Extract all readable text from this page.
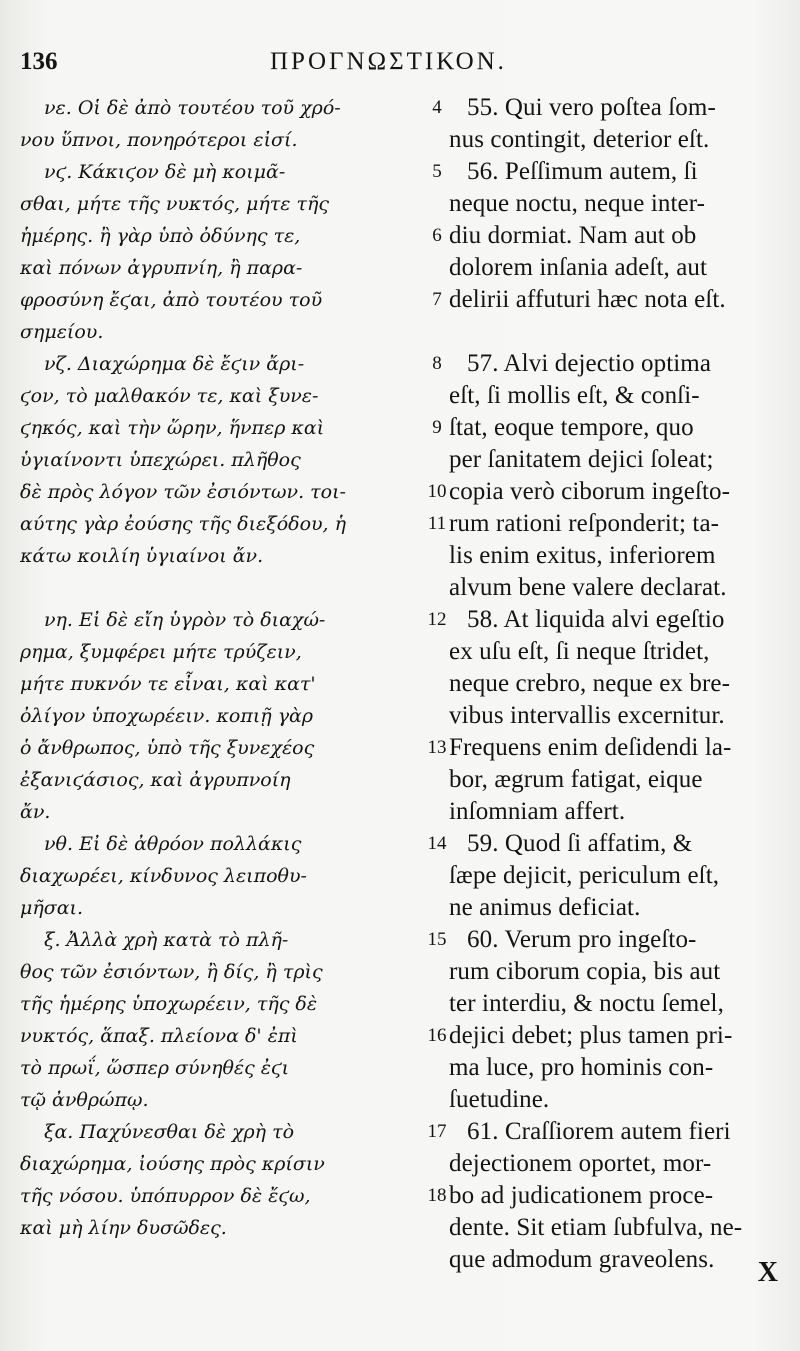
136	ΠΡΟΓΝΩΣΤΙΚΟΝ.
νε. Οἱ δὲ ἀπὸ τουτέου τοῦ χρό-
νου ὕπνοι, πονηρότεροι εἰσί.
4	55. Qui vero poſtea ſom-
nus contingit, deterior eſt.
νϛ. Κάκιϛον δὲ μὴ κοιμᾶ-
σθαι, μήτε τῆς νυκτός, μήτε τῆς
ἡμέρης. ἢ γὰρ ὑπὸ ὀδύνης τε,
καὶ πόνων ἀγρυπνίη, ἢ παρα-
φροσύνη ἔϛαι, ἀπὸ τουτέου τοῦ
σημείου.
5
6
7
56. Peſſimum autem, ſi
neque noctu, neque inter-
diu dormiat. Nam aut ob
dolorem inſania adeſt, aut
delirii affuturi hæc nota eſt.
νζ. Διαχώρημα δὲ ἔϛιν ἄρι-
ϛον, τὸ μαλθακόν τε, καὶ ξυνε-
ϛηκός, καὶ τὴν ὥρην, ἥνπερ καὶ
ὑγιαίνοντι ὑπεχώρει. πλῆθος
δὲ πρὸς λόγον τῶν ἐσιόντων. τοι-
αύτης γὰρ ἐούσης τῆς διεξόδου, ἡ
κάτω κοιλίη ὑγιαίνοι ἄν.
8
9
10
11
57. Alvi dejectio optima
eſt, ſi mollis eſt, & conſi-
ſtat, eoque tempore, quo
per ſanitatem dejici ſoleat;
copia verò ciborum ingeſto-
rum rationi reſponderit; ta-
lis enim exitus, inferiorem
alvum bene valere declarat.
νη. Εἰ δὲ εἴη ὑγρὸν τὸ διαχώ-
ρημα, ξυμφέρει μήτε τρύζειν,
μήτε πυκνόν τε εἶναι, καὶ κατ'
ὀλίγον ὑποχωρέειν. κοπιῇ γὰρ
ὁ ἄνθρωπος, ὑπὸ τῆς ξυνεχέος
ἐξανιϛάσιος, καὶ ἀγρυπνοίη
ἄν.
12
13
58. At liquida alvi egeſtio
ex uſu eſt, ſi neque ſtridet,
neque crebro, neque ex bre-
vibus intervallis excernitur.
Frequens enim deſidendi la-
bor, ægrum fatigat, eique
inſomniam affert.
νθ. Εἰ δὲ ἀθρόον πολλάκις
διαχωρέει, κίνδυνος λειποθυ-
μῆσαι.
14 59. Quod ſi affatim, &
ſæpe dejicit, periculum eſt,
ne animus deficiat.
ξ. Ἀλλὰ χρὴ κατὰ τὸ πλῆ-
θος τῶν ἐσιόντων, ἢ δίς, ἢ τρὶς
τῆς ἡμέρης ὑποχωρέειν, τῆς δὲ
νυκτός, ἅπαξ. πλείονα δ' ἐπὶ
τὸ πρωΐ, ὥσπερ σύνηθές ἐϛι
τῷ ἀνθρώπῳ.
15
16
60. Verum pro ingeſto-
rum ciborum copia, bis aut
ter interdiu, & noctu ſemel,
dejici debet; plus tamen pri-
ma luce, pro hominis con-
ſuetudine.
ξα. Παχύνεσθαι δὲ χρὴ τὸ
διαχώρημα, ἰούσης πρὸς κρίσιν
τῆς νόσου. ὑπόπυρρον δὲ ἔϛω,
καὶ μὴ λίην δυσῶδες.
17
18
61. Craſſiorem autem fieri
dejectionem oportet, mor-
bo ad judicationem proce-
dente. Sit etiam ſubfulva, ne-
que admodum graveolens.	X
